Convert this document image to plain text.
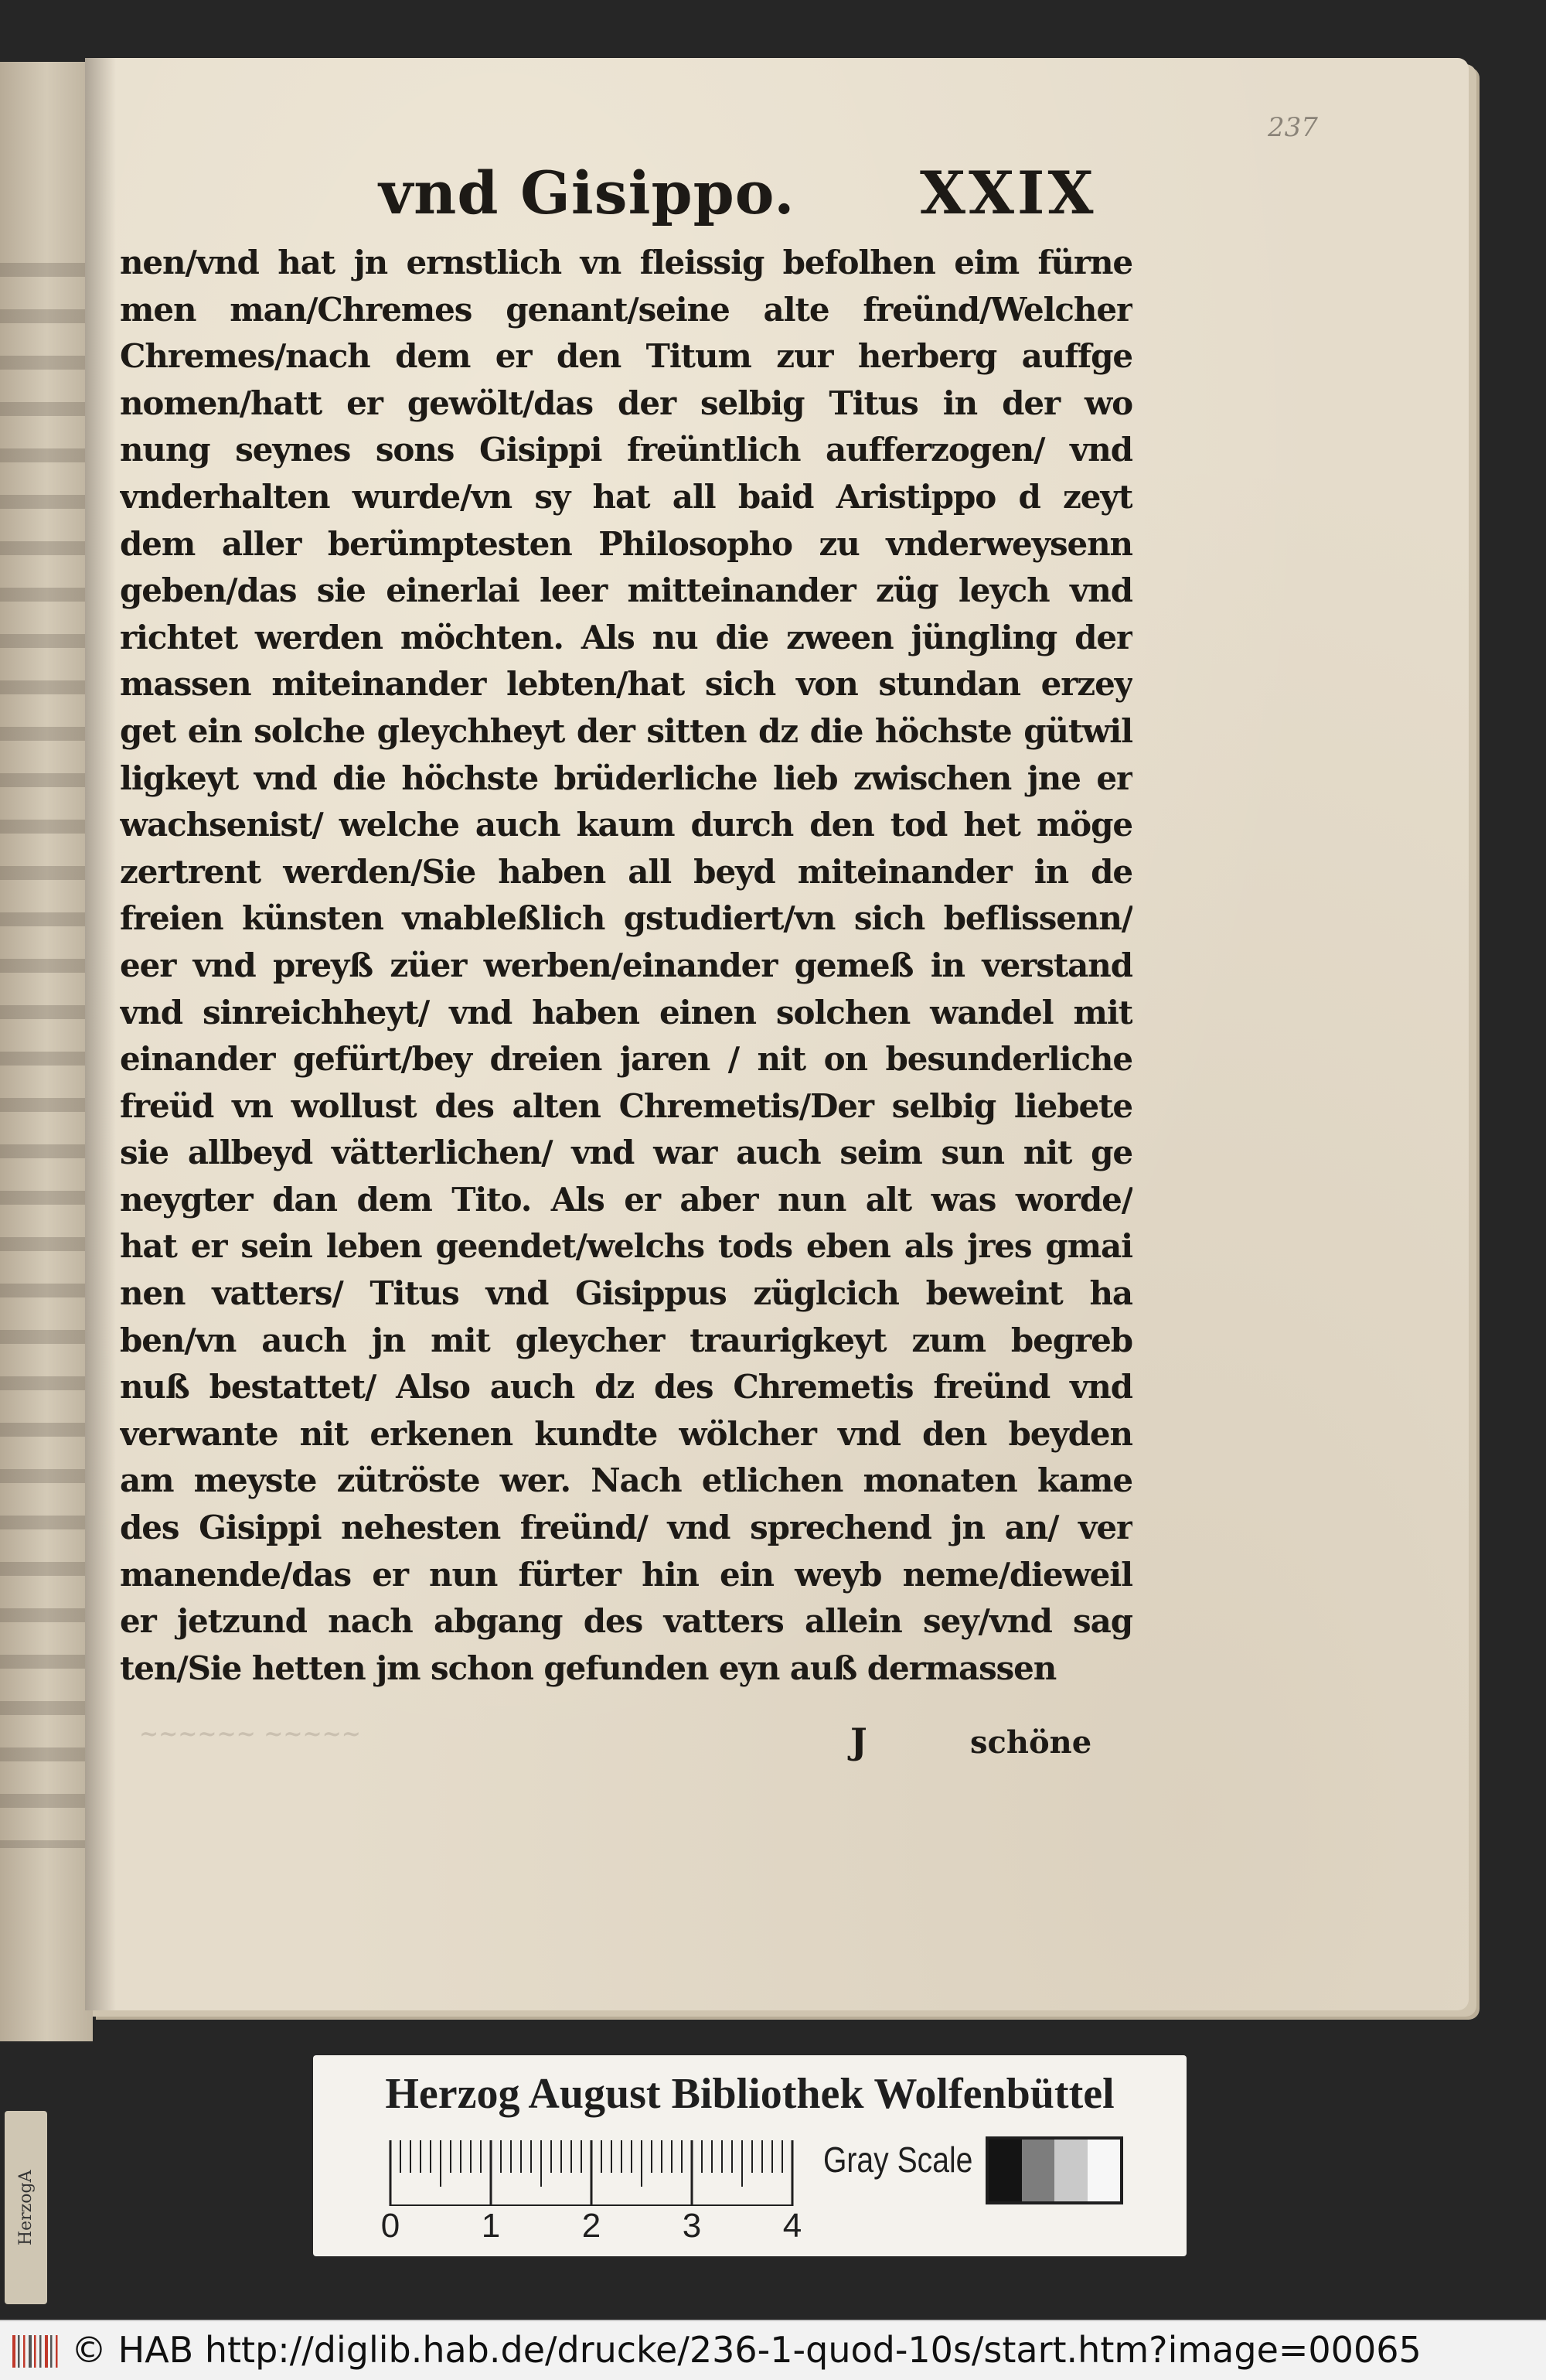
HerzogA
237
vnd Gisippo. XXIX
nen/vnd hat jn ernstlich vn fleissig befolhen eim fürne
men man/Chremes genant/seine alte freünd/Welcher
Chremes/nach dem er den Titum zur herberg auffge
nomen/hatt er gewölt/das der selbig Titus in der wo
nung seynes sons Gisippi freüntlich aufferzogen/ vnd
vnderhalten wurde/vn sy hat all baid Aristippo d zeyt
dem aller berümptesten Philosopho zu vnderweysenn
geben/das sie einerlai leer mitteinander züg leych vnd
richtet werden möchten. Als nu die zween jüngling der
massen miteinander lebten/hat sich von stundan erzey
get ein solche gleychheyt der sitten dz die höchste gütwil
ligkeyt vnd die höchste brüderliche lieb zwischen jne er
wachsenist/ welche auch kaum durch den tod het möge
zertrent werden/Sie haben all beyd miteinander in de
freien künsten vnableßlich gstudiert/vn sich beflissenn/
eer vnd preyß züer werben/einander gemeß in verstand
vnd sinreichheyt/ vnd haben einen solchen wandel mit
einander gefürt/bey dreien jaren / nit on besunderliche
freüd vn wollust des alten Chremetis/Der selbig liebete
sie allbeyd vätterlichen/ vnd war auch seim sun nit ge
neygter dan dem Tito. Als er aber nun alt was worde/
hat er sein leben geendet/welchs tods eben als jres gmai
nen vatters/ Titus vnd Gisippus züglcich beweint ha
ben/vn auch jn mit gleycher traurigkeyt zum begreb
nuß bestattet/ Also auch dz des Chremetis freünd vnd
verwante nit erkenen kundte wölcher vnd den beyden
am meyste zütröste wer. Nach etlichen monaten kame
des Gisippi nehesten freünd/ vnd sprechend jn an/ ver
manende/das er nun fürter hin ein weyb neme/dieweil
er jetzund nach abgang des vatters allein sey/vnd sag
ten/Sie hetten jm schon gefunden eyn auß dermassen
~~~~~~ ~~~~~	J	schöne
Herzog August Bibliothek Wolfenbüttel
0 1 2 3 4
Gray Scale
© HAB http://diglib.hab.de/drucke/236-1-quod-10s/start.htm?image=00065
